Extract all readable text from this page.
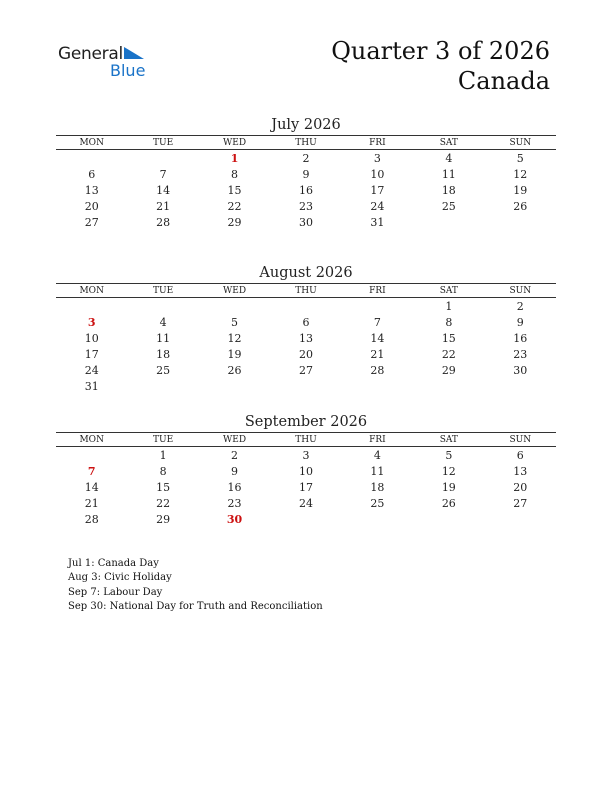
General
Blue
Quarter 3 of 2026
Canada
July 2026
MON	TUE	WED	THU	FRI	SAT	SUN
		1	2	3	4	5
6	7	8	9	10	11	12
13	14	15	16	17	18	19
20	21	22	23	24	25	26
27	28	29	30	31		
August 2026
MON	TUE	WED	THU	FRI	SAT	SUN
					1	2
3	4	5	6	7	8	9
10	11	12	13	14	15	16
17	18	19	20	21	22	23
24	25	26	27	28	29	30
31						
September 2026
MON	TUE	WED	THU	FRI	SAT	SUN
	1	2	3	4	5	6
7	8	9	10	11	12	13
14	15	16	17	18	19	20
21	22	23	24	25	26	27
28	29	30				
Jul 1: Canada Day
Aug 3: Civic Holiday
Sep 7: Labour Day
Sep 30: National Day for Truth and Reconciliation
